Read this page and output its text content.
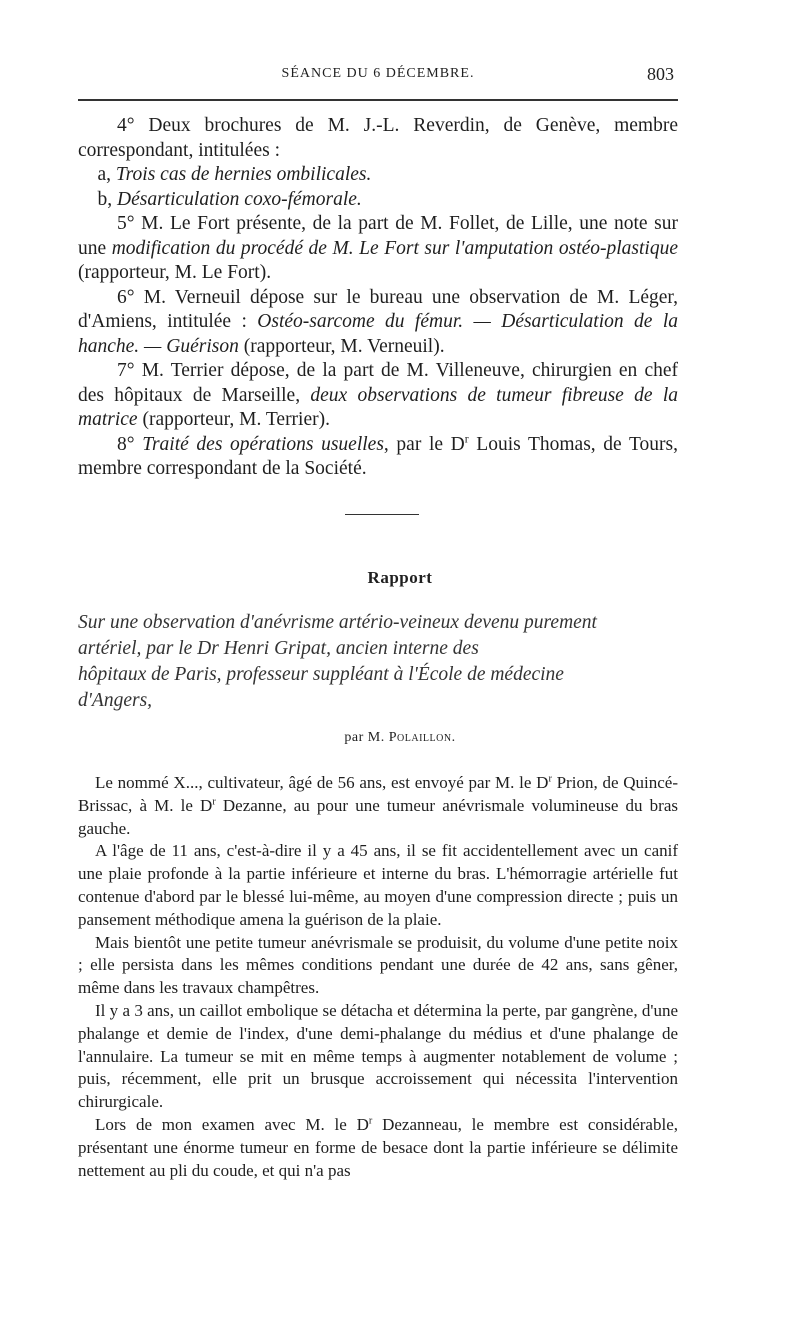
SÉANCE DU 6 DÉCEMBRE.	803

4° Deux brochures de M. J.-L. Reverdin, de Genève, membre correspondant, intitulées :

a, Trois cas de hernies ombilicales.

b, Désarticulation coxo-fémorale.

5° M. Le Fort présente, de la part de M. Follet, de Lille, une note sur une modification du procédé de M. Le Fort sur l'amputation ostéo-plastique (rapporteur, M. Le Fort).

6° M. Verneuil dépose sur le bureau une observation de M. Léger, d'Amiens, intitulée : Ostéo-sarcome du fémur. — Désarticulation de la hanche. — Guérison (rapporteur, M. Verneuil).

7° M. Terrier dépose, de la part de M. Villeneuve, chirurgien en chef des hôpitaux de Marseille, deux observations de tumeur fibreuse de la matrice (rapporteur, M. Terrier).

8° Traité des opérations usuelles, par le $D^r$ Louis Thomas, de Tours, membre correspondant de la Société.

Rapport
Sur une observation d'anévrisme artério-veineux devenu purement
artériel, par le Dr Henri Gripat, ancien interne des
hôpitaux de Paris, professeur suppléant à l'École de médecine
d'Angers,
par M. Polaillon.

Le nommé X..., cultivateur, âgé de 56 ans, est envoyé par M. le $D^r$ Prion, de Quincé-Brissac, à M. le $D^r$ Dezanne, au pour une tumeur anévrismale volumineuse du bras gauche.

A l'âge de 11 ans, c'est-à-dire il y a 45 ans, il se fit accidentellement avec un canif une plaie profonde à la partie inférieure et interne du bras. L'hémorragie artérielle fut contenue d'abord par le blessé lui-même, au moyen d'une compression directe ; puis un pansement méthodique amena la guérison de la plaie.

Mais bientôt une petite tumeur anévrismale se produisit, du volume d'une petite noix ; elle persista dans les mêmes conditions pendant une durée de 42 ans, sans gêner, même dans les travaux champêtres.

Il y a 3 ans, un caillot embolique se détacha et détermina la perte, par gangrène, d'une phalange et demie de l'index, d'une demi-phalange du médius et d'une phalange de l'annulaire. La tumeur se mit en même temps à augmenter notablement de volume ; puis, récemment, elle prit un brusque accroissement qui nécessita l'intervention chirurgicale.

Lors de mon examen avec M. le $D^r$ Dezanneau, le membre est considérable, présentant une énorme tumeur en forme de besace dont la partie inférieure se délimite nettement au pli du coude, et qui n'a pas
